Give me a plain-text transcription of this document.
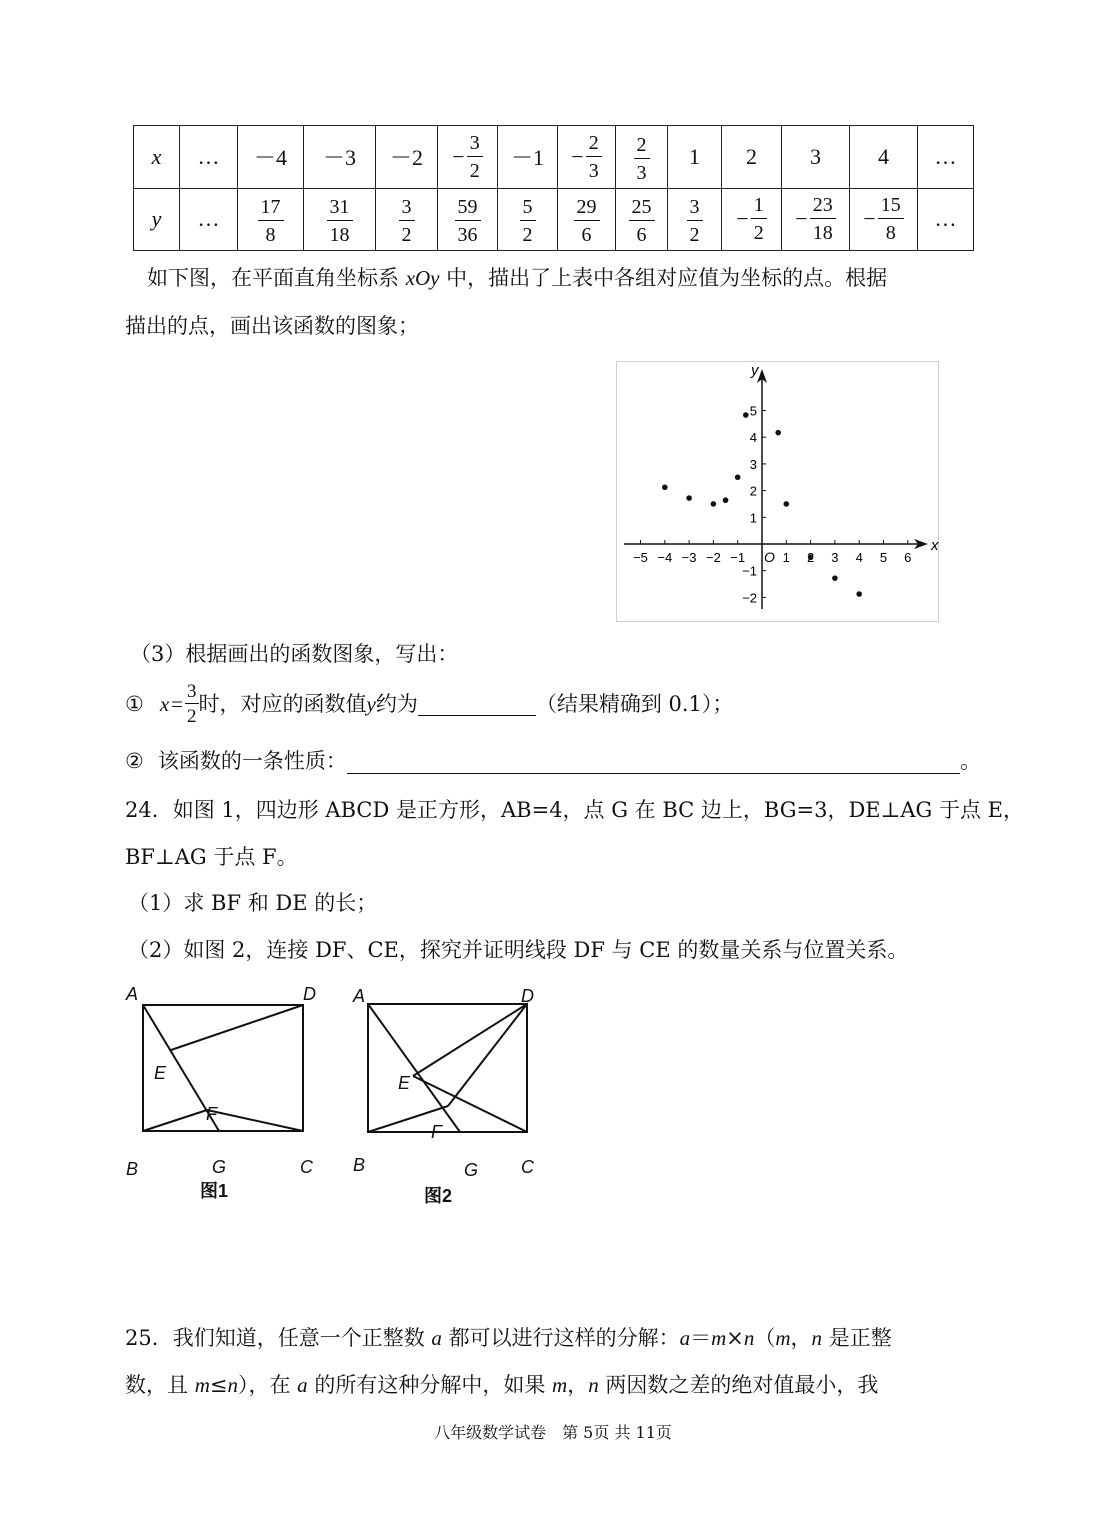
x	…	－4	－3	－2	− $\frac{3}{2}$	－1	− $\frac{2}{3}$	$\frac{2}{3}$	1	2	3	4	…
y	…	$\frac{17}{8}$	$\frac{31}{18}$	$\frac{3}{2}$	$\frac{59}{36}$	$\frac{5}{2}$	$\frac{29}{6}$	$\frac{25}{6}$	$\frac{3}{2}$	− $\frac{1}{2}$	− $\frac{23}{18}$	− $\frac{15}{8}$	…
如下图，在平面直角坐标系 xOy 中，描出了上表中各组对应值为坐标的点。根据
描出的点，画出该函数的图象；
x
y
O
−5 −4 −3 −2 −1	1	3 4 5 6
5
4
3
2
1
−1
−2
（3）根据画出的函数图象，写出：
① $x = \frac{3}{2}$ 时，对应的函数值 y 约为	（结果精确到 0.1）；
② 该函数的一条性质：	。
24．如图 1，四边形 ABCD 是正方形，AB=4，点 G 在 BC 边上，BG=3，DE⊥AG 于点 E，
BF⊥AG 于点 F。
（1）求 BF 和 DE 的长；
（2）如图 2，连接 DF、CE，探究并证明线段 DF 与 CE 的数量关系与位置关系。
A	D
E
F
B	G	C
图1
A	D
E
F
B	G C
图2
25．我们知道，任意一个正整数 a 都可以进行这样的分解：a＝m×n（m，n 是正整
数，且 m≤n），在 a 的所有这种分解中，如果 m，n 两因数之差的绝对值最小，我
八年级数学试卷　第 5页 共 11页
